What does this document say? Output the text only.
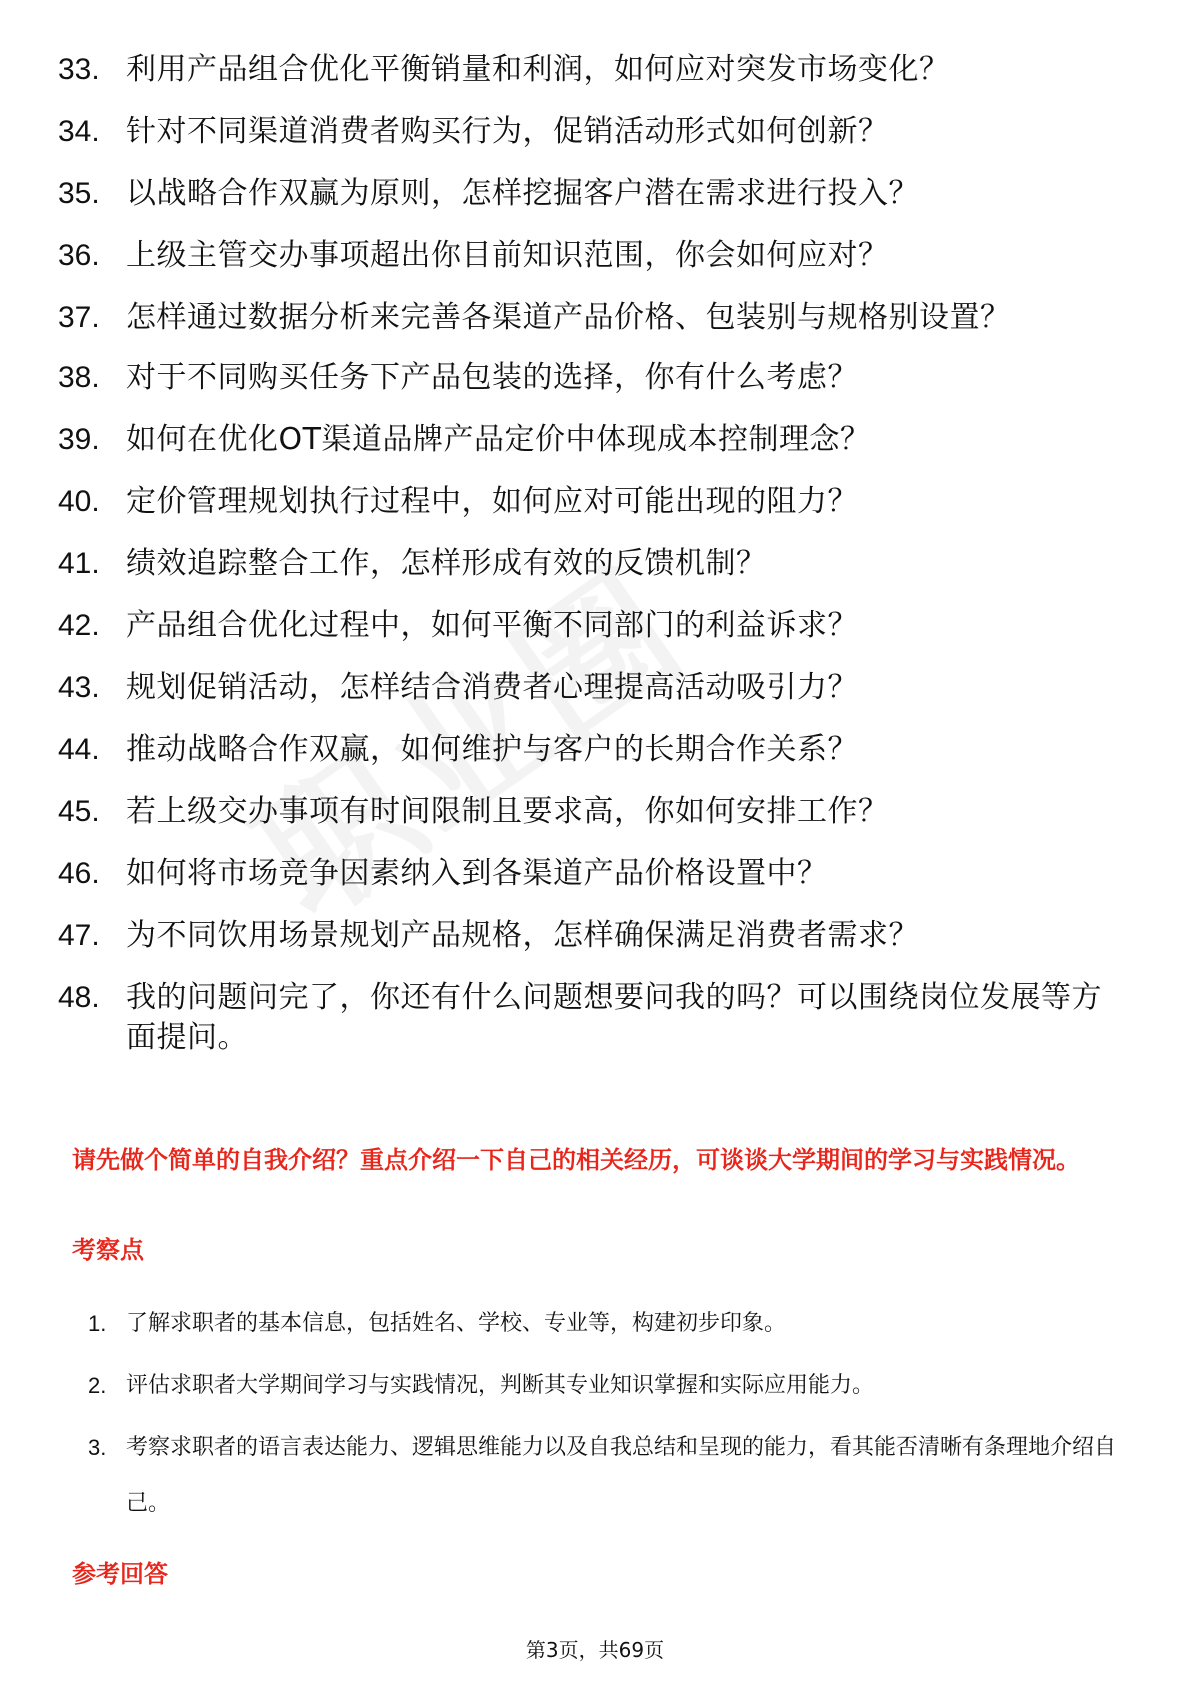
33. 利用产品组合优化平衡销量和利润，如何应对突发市场变化？
34. 针对不同渠道消费者购买行为，促销活动形式如何创新？
35. 以战略合作双赢为原则，怎样挖掘客户潜在需求进行投入？
36. 上级主管交办事项超出你目前知识范围，你会如何应对？
37. 怎样通过数据分析来完善各渠道产品价格、包装别与规格别设置？
38. 对于不同购买任务下产品包装的选择，你有什么考虑？
39. 如何在优化OT渠道品牌产品定价中体现成本控制理念？
40. 定价管理规划执行过程中，如何应对可能出现的阻力？
41. 绩效追踪整合工作，怎样形成有效的反馈机制？
42. 产品组合优化过程中，如何平衡不同部门的利益诉求？
43. 规划促销活动，怎样结合消费者心理提高活动吸引力？
44. 推动战略合作双赢，如何维护与客户的长期合作关系？
45. 若上级交办事项有时间限制且要求高，你如何安排工作？
46. 如何将市场竞争因素纳入到各渠道产品价格设置中？
47. 为不同饮用场景规划产品规格，怎样确保满足消费者需求？
48. 我的问题问完了，你还有什么问题想要问我的吗？可以围绕岗位发展等方面提问。
请先做个简单的自我介绍？重点介绍一下自己的相关经历，可谈谈大学期间的学习与实践情况。
考察点
1. 了解求职者的基本信息，包括姓名、学校、专业等，构建初步印象。
2. 评估求职者大学期间学习与实践情况，判断其专业知识掌握和实际应用能力。
3. 考察求职者的语言表达能力、逻辑思维能力以及自我总结和呈现的能力，看其能否清晰有条理地介绍自己。
参考回答
第3页，共69页
